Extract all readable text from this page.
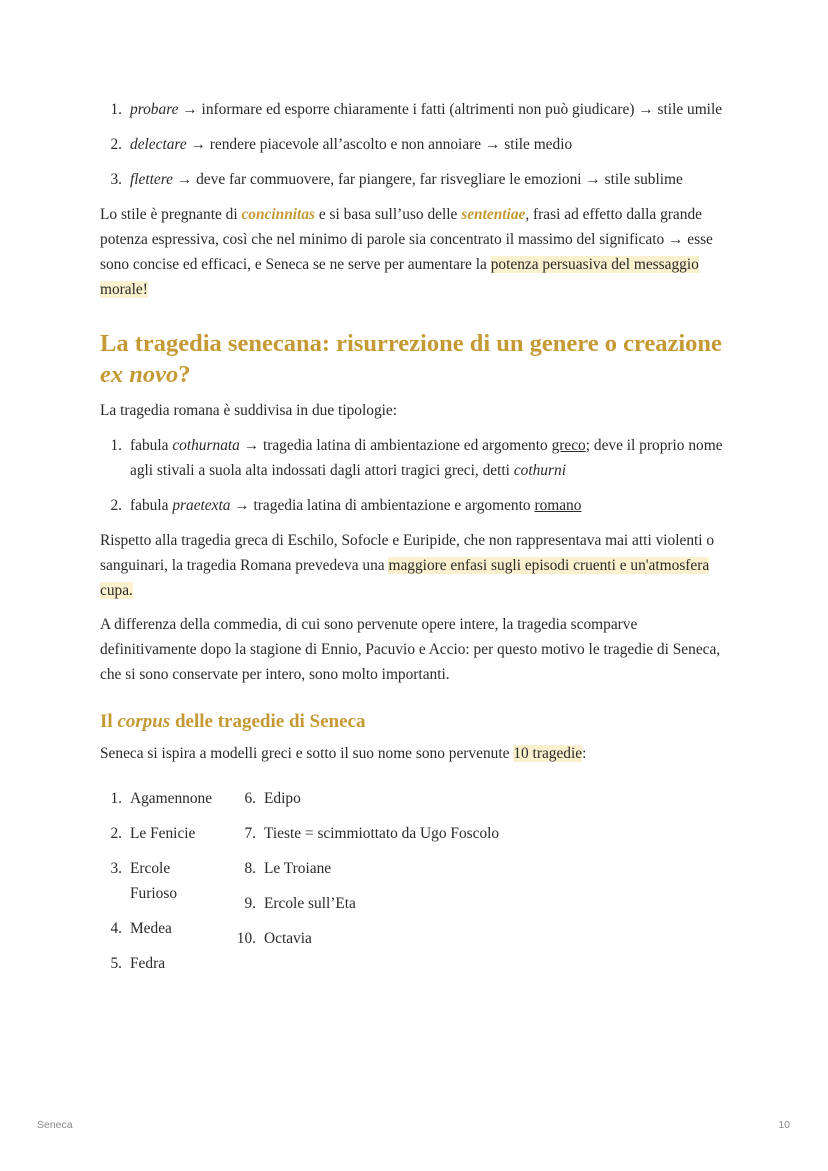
1. probare → informare ed esporre chiaramente i fatti (altrimenti non può giudicare) → stile umile
2. delectare → rendere piacevole all’ascolto e non annoiare → stile medio
3. flettere → deve far commuovere, far piangere, far risvegliare le emozioni → stile sublime

Lo stile è pregnante di concinnitas e si basa sull’uso delle sententiae, frasi ad effetto dalla grande potenza espressiva, così che nel minimo di parole sia concentrato il massimo del significato → esse sono concise ed efficaci, e Seneca se ne serve per aumentare la potenza persuasiva del messaggio morale!

La tragedia senecana: risurrezione di un genere o creazione ex novo?

La tragedia romana è suddivisa in due tipologie:

1. fabula cothurnata → tragedia latina di ambientazione ed argomento greco; deve il proprio nome agli stivali a suola alta indossati dagli attori tragici greci, detti cothurni
2. fabula praetexta → tragedia latina di ambientazione e argomento romano

Rispetto alla tragedia greca di Eschilo, Sofocle e Euripide, che non rappresentava mai atti violenti o sanguinari, la tragedia Romana prevedeva una maggiore enfasi sugli episodi cruenti e un'atmosfera cupa.

A differenza della commedia, di cui sono pervenute opere intere, la tragedia scomparve definitivamente dopo la stagione di Ennio, Pacuvio e Accio: per questo motivo le tragedie di Seneca, che si sono conservate per intero, sono molto importanti.

Il corpus delle tragedie di Seneca

Seneca si ispira a modelli greci e sotto il suo nome sono pervenute 10 tragedie:

1. Agamennone
2. Le Fenicie
3. Ercole Furioso
4. Medea
5. Fedra
6. Edipo
7. Tieste = scimmiottato da Ugo Foscolo
8. Le Troiane
9. Ercole sull’Eta
10. Octavia
Seneca	10
